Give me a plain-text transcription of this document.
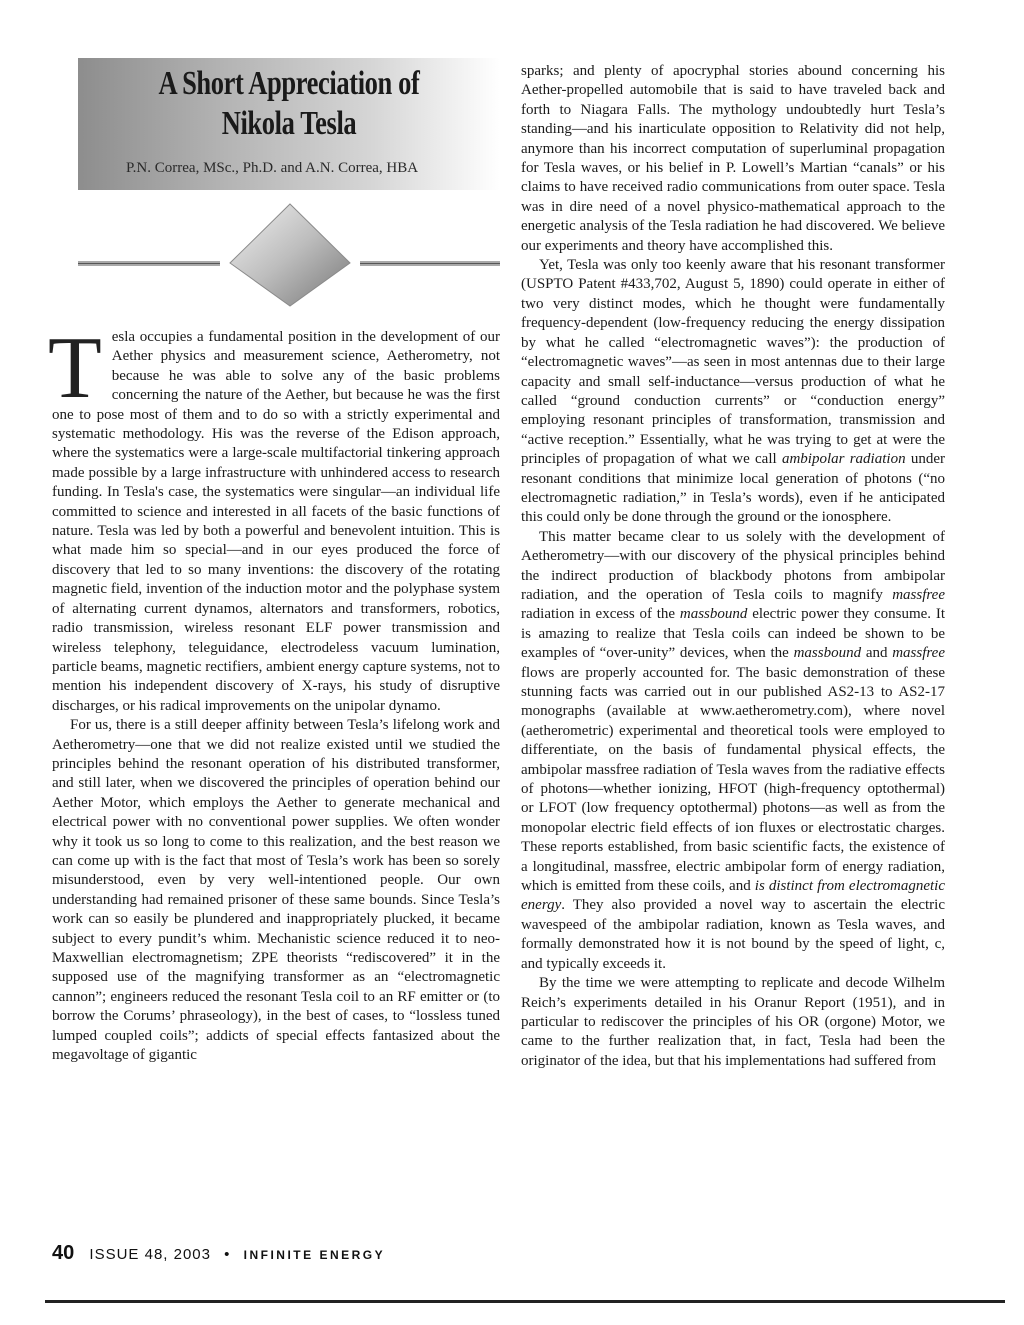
A Short Appreciation of
Nikola Tesla
P.N. Correa, MSc., Ph.D. and A.N. Correa, HBA

Tesla occupies a fundamental position in the development of our Aether physics and measurement science, Aetherometry, not because he was able to solve any of the basic problems concerning the nature of the Aether, but because he was the first one to pose most of them and to do so with a strictly experimental and systematic methodology. His was the reverse of the Edison approach, where the systematics were a large-scale multifactorial tinkering approach made possible by a large infrastructure with unhindered access to research funding. In Tesla's case, the systematics were singular—an individual life committed to science and interested in all facets of the basic functions of nature. Tesla was led by both a powerful and benevolent intuition. This is what made him so special—and in our eyes produced the force of discovery that led to so many inventions: the discovery of the rotating magnetic field, invention of the induction motor and the polyphase system of alternating current dynamos, alternators and transformers, robotics, radio transmission, wireless resonant ELF power transmission and wireless telephony, teleguidance, electrodeless vacuum lumination, particle beams, magnetic rectifiers, ambient energy capture systems, not to mention his independent discovery of X-rays, his study of disruptive discharges, or his radical improvements on the unipolar dynamo.

For us, there is a still deeper affinity between Tesla’s lifelong work and Aetherometry—one that we did not realize existed until we studied the principles behind the resonant operation of his distributed transformer, and still later, when we discovered the principles of operation behind our Aether Motor, which employs the Aether to generate mechanical and electrical power with no conventional power supplies. We often wonder why it took us so long to come to this realization, and the best reason we can come up with is the fact that most of Tesla’s work has been so sorely misunderstood, even by very well-intentioned people. Our own understanding had remained prisoner of these same bounds. Since Tesla’s work can so easily be plundered and inappropriately plucked, it became subject to every pundit’s whim. Mechanistic science reduced it to neo-Maxwellian electromagnetism; ZPE theorists “rediscovered” it in the supposed use of the magnifying transformer as an “electromagnetic cannon”; engineers reduced the resonant Tesla coil to an RF emitter or (to borrow the Corums’ phraseology), in the best of cases, to “lossless tuned lumped coupled coils”; addicts of special effects fantasized about the megavoltage of gigantic

sparks; and plenty of apocryphal stories abound concerning his Aether-propelled automobile that is said to have traveled back and forth to Niagara Falls. The mythology undoubtedly hurt Tesla’s standing—and his inarticulate opposition to Relativity did not help, anymore than his incorrect computation of superluminal propagation for Tesla waves, or his belief in P. Lowell’s Martian “canals” or his claims to have received radio communications from outer space. Tesla was in dire need of a novel physico-mathematical approach to the energetic analysis of the Tesla radiation he had discovered. We believe our experiments and theory have accomplished this.

Yet, Tesla was only too keenly aware that his resonant transformer (USPTO Patent #433,702, August 5, 1890) could operate in either of two very distinct modes, which he thought were fundamentally frequency-dependent (low-frequency reducing the energy dissipation by what he called “electromagnetic waves”): the production of “electromagnetic waves”—as seen in most antennas due to their large capacity and small self-inductance—versus production of what he called “ground conduction currents” or “conduction energy” employing resonant principles of transformation, transmission and “active reception.” Essentially, what he was trying to get at were the principles of propagation of what we call ambipolar radiation under resonant conditions that minimize local generation of photons (“no electromagnetic radiation,” in Tesla’s words), even if he anticipated this could only be done through the ground or the ionosphere.

This matter became clear to us solely with the development of Aetherometry—with our discovery of the physical principles behind the indirect production of blackbody photons from ambipolar radiation, and the operation of Tesla coils to magnify massfree radiation in excess of the massbound electric power they consume. It is amazing to realize that Tesla coils can indeed be shown to be examples of “over-unity” devices, when the massbound and massfree flows are properly accounted for. The basic demonstration of these stunning facts was carried out in our published AS2-13 to AS2-17 monographs (available at www.aetherometry.com), where novel (aetherometric) experimental and theoretical tools were employed to differentiate, on the basis of fundamental physical effects, the ambipolar massfree radiation of Tesla waves from the radiative effects of photons—whether ionizing, HFOT (high-frequency optothermal) or LFOT (low frequency optothermal) photons—as well as from the monopolar electric field effects of ion fluxes or electrostatic charges. These reports established, from basic scientific facts, the existence of a longitudinal, massfree, electric ambipolar form of energy radiation, which is emitted from these coils, and is distinct from electromagnetic energy. They also provided a novel way to ascertain the electric wavespeed of the ambipolar radiation, known as Tesla waves, and formally demonstrated how it is not bound by the speed of light, c, and typically exceeds it.

By the time we were attempting to replicate and decode Wilhelm Reich’s experiments detailed in his Oranur Report (1951), and in particular to rediscover the principles of his OR (orgone) Motor, we came to the further realization that, in fact, Tesla had been the originator of the idea, but that his implementations had suffered from

40 ISSUE 48, 2003 • INFINITE ENERGY
